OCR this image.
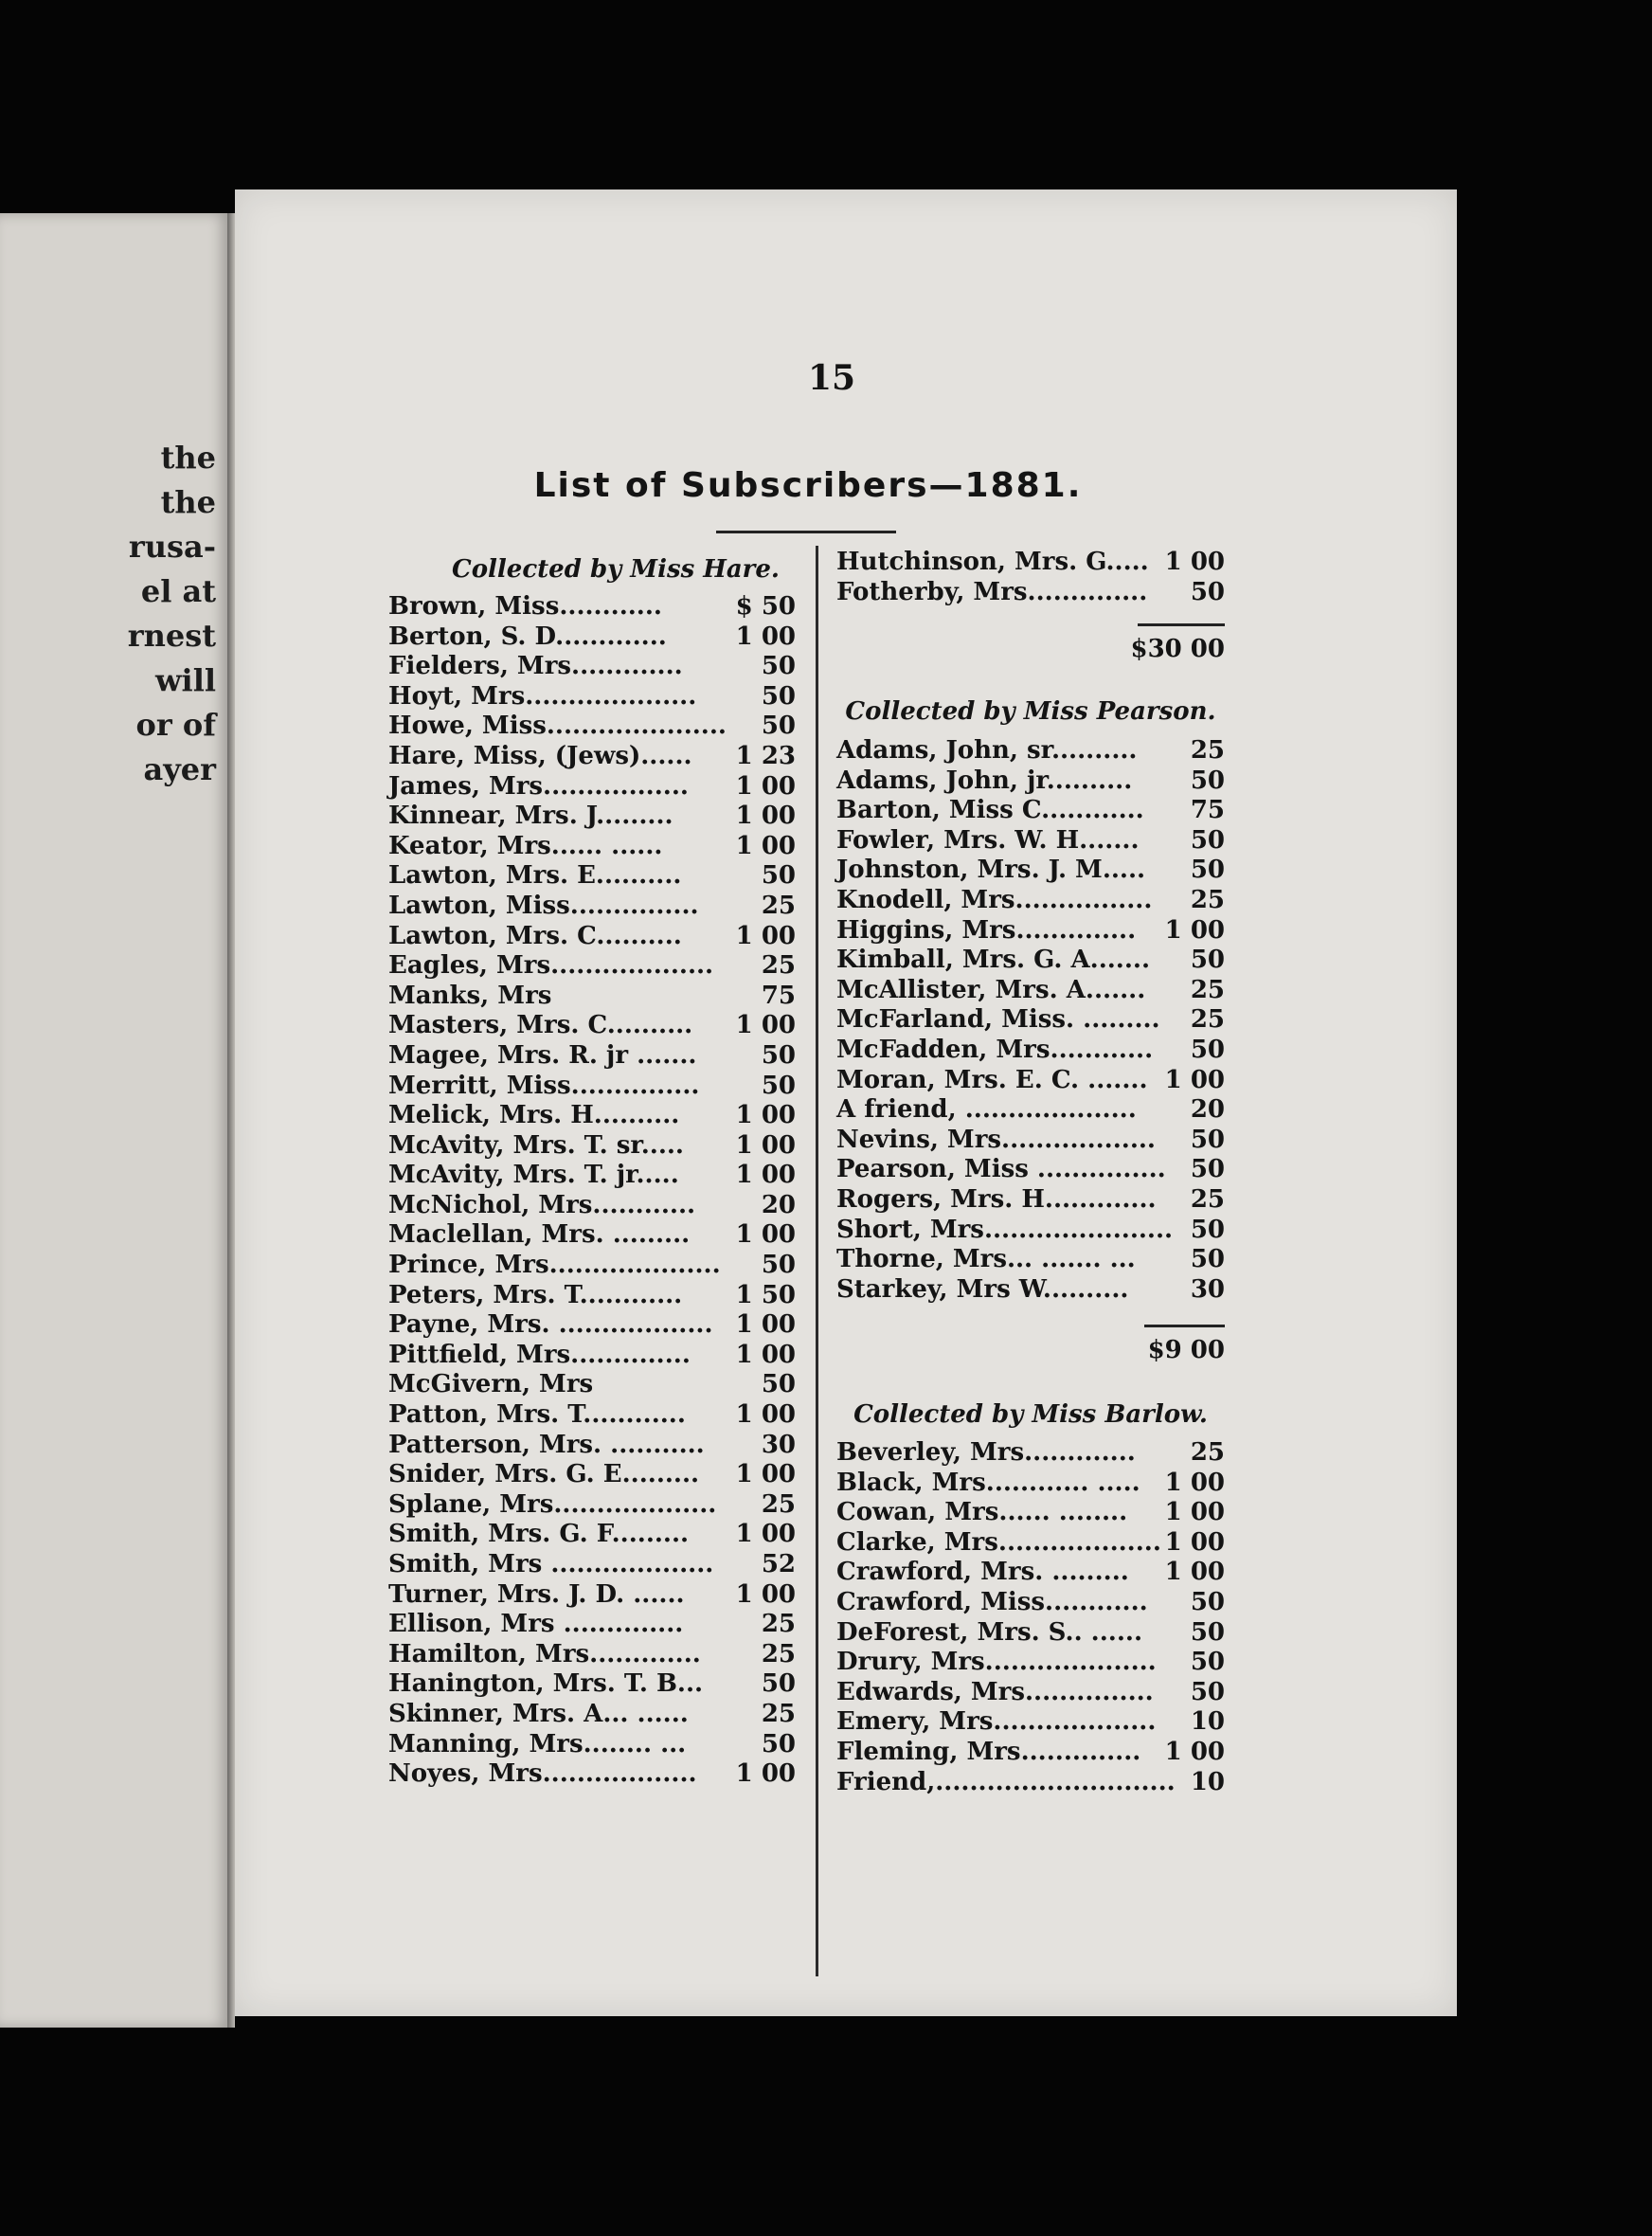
the
the
rusa-
el at
rnest
will
or of
ayer
15
List of Subscribers—1881.
Collected by Miss Hare.
Brown, Miss............	$ 50
Berton, S. D.............	1 00
Fielders, Mrs.............	50
Hoyt, Mrs....................	50
Howe, Miss..................... 50
Hare, Miss, (Jews)...... 1 23
James, Mrs................. 1 00
Kinnear, Mrs. J.........	1 00
Keator, Mrs...... ......	1 00
Lawton, Mrs. E..........	50
Lawton, Miss...............	25
Lawton, Mrs. C.......... 1 00
Eagles, Mrs................... 25
Manks, Mrs	75
Masters, Mrs. C.......... 1 00
Magee, Mrs. R. jr .......	50
Merritt, Miss...............	50
Melick, Mrs. H.......... 1 00
McAvity, Mrs. T. sr..... 1 00
McAvity, Mrs. T. jr..... 1 00
McNichol, Mrs............	20
Maclellan, Mrs. ......... 1 00
Prince, Mrs.................... 50
Peters, Mrs. T............ 1 50
Payne, Mrs. .................. 1 00
Pittfield, Mrs.............. 1 00
McGivern, Mrs	50
Patton, Mrs. T............ 1 00
Patterson, Mrs. ........... 30
Snider, Mrs. G. E......... 1 00
Splane, Mrs................... 25
Smith, Mrs. G. F......... 1 00
Smith, Mrs ................... 52
Turner, Mrs. J. D. ...... 1 00
Ellison, Mrs ..............	25
Hamilton, Mrs............. 25
Hanington, Mrs. T. B... 50
Skinner, Mrs. A... ......	25
Manning, Mrs........ ...	50
Noyes, Mrs.................. 1 00
Hutchinson, Mrs. G..... 1 00
Fotherby, Mrs.............. 50
$30 00
Collected by Miss Pearson.
Adams, John, sr.......... 25
Adams, John, jr.......... 50
Barton, Miss C............ 75
Fowler, Mrs. W. H....... 50
Johnston, Mrs. J. M..... 50
Knodell, Mrs................ 25
Higgins, Mrs.............. 1 00
Kimball, Mrs. G. A....... 50
McAllister, Mrs. A....... 25
McFarland, Miss. ......... 25
McFadden, Mrs............ 50
Moran, Mrs. E. C. ....... 1 00
A friend, .................... 20
Nevins, Mrs.................. 50
Pearson, Miss ............... 50
Rogers, Mrs. H............. 25
Short, Mrs...................... 50
Thorne, Mrs... ....... ... 50
Starkey, Mrs W..........	30
$9 00
Collected by Miss Barlow.
Beverley, Mrs............. 25
Black, Mrs............ ..... 1 00
Cowan, Mrs...... ........ 1 00
Clarke, Mrs................... 1 00
Crawford, Mrs. ......... 1 00
Crawford, Miss............ 50
DeForest, Mrs. S.. ...... 50
Drury, Mrs.................... 50
Edwards, Mrs............... 50
Emery, Mrs................... 10
Fleming, Mrs.............. 1 00
Friend,............................ 10
